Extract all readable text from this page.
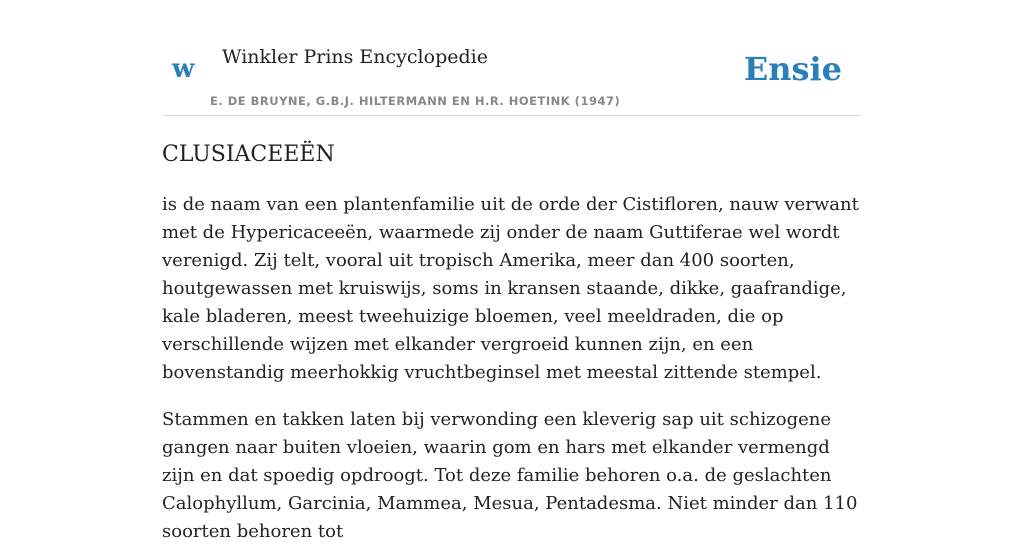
w Winkler Prins Encyclopedie
E. DE BRUYNE, G.B.J. HILTERMANN EN H.R. HOETINK (1947)
Ensie
CLUSIACEEËN

is de naam van een plantenfamilie uit de orde der Cistifloren, nauw verwant met de Hypericaceeën, waarmede zij onder de naam Guttiferae wel wordt verenigd. Zij telt, vooral uit tropisch Amerika, meer dan 400 soorten, houtgewassen met kruiswijs, soms in kransen staande, dikke, gaafrandige, kale bladeren, meest tweehuizige bloemen, veel meeldraden, die op verschillende wijzen met elkander vergroeid kunnen zijn, en een bovenstandig meerhokkig vruchtbeginsel met meestal zittende stempel.

Stammen en takken laten bij verwonding een kleverig sap uit schizogene gangen naar buiten vloeien, waarin gom en hars met elkander vermengd zijn en dat spoedig opdroogt. Tot deze familie behoren o.a. de geslachten Calophyllum, Garcinia, Mammea, Mesua, Pentadesma. Niet minder dan 110 soorten behoren tot
